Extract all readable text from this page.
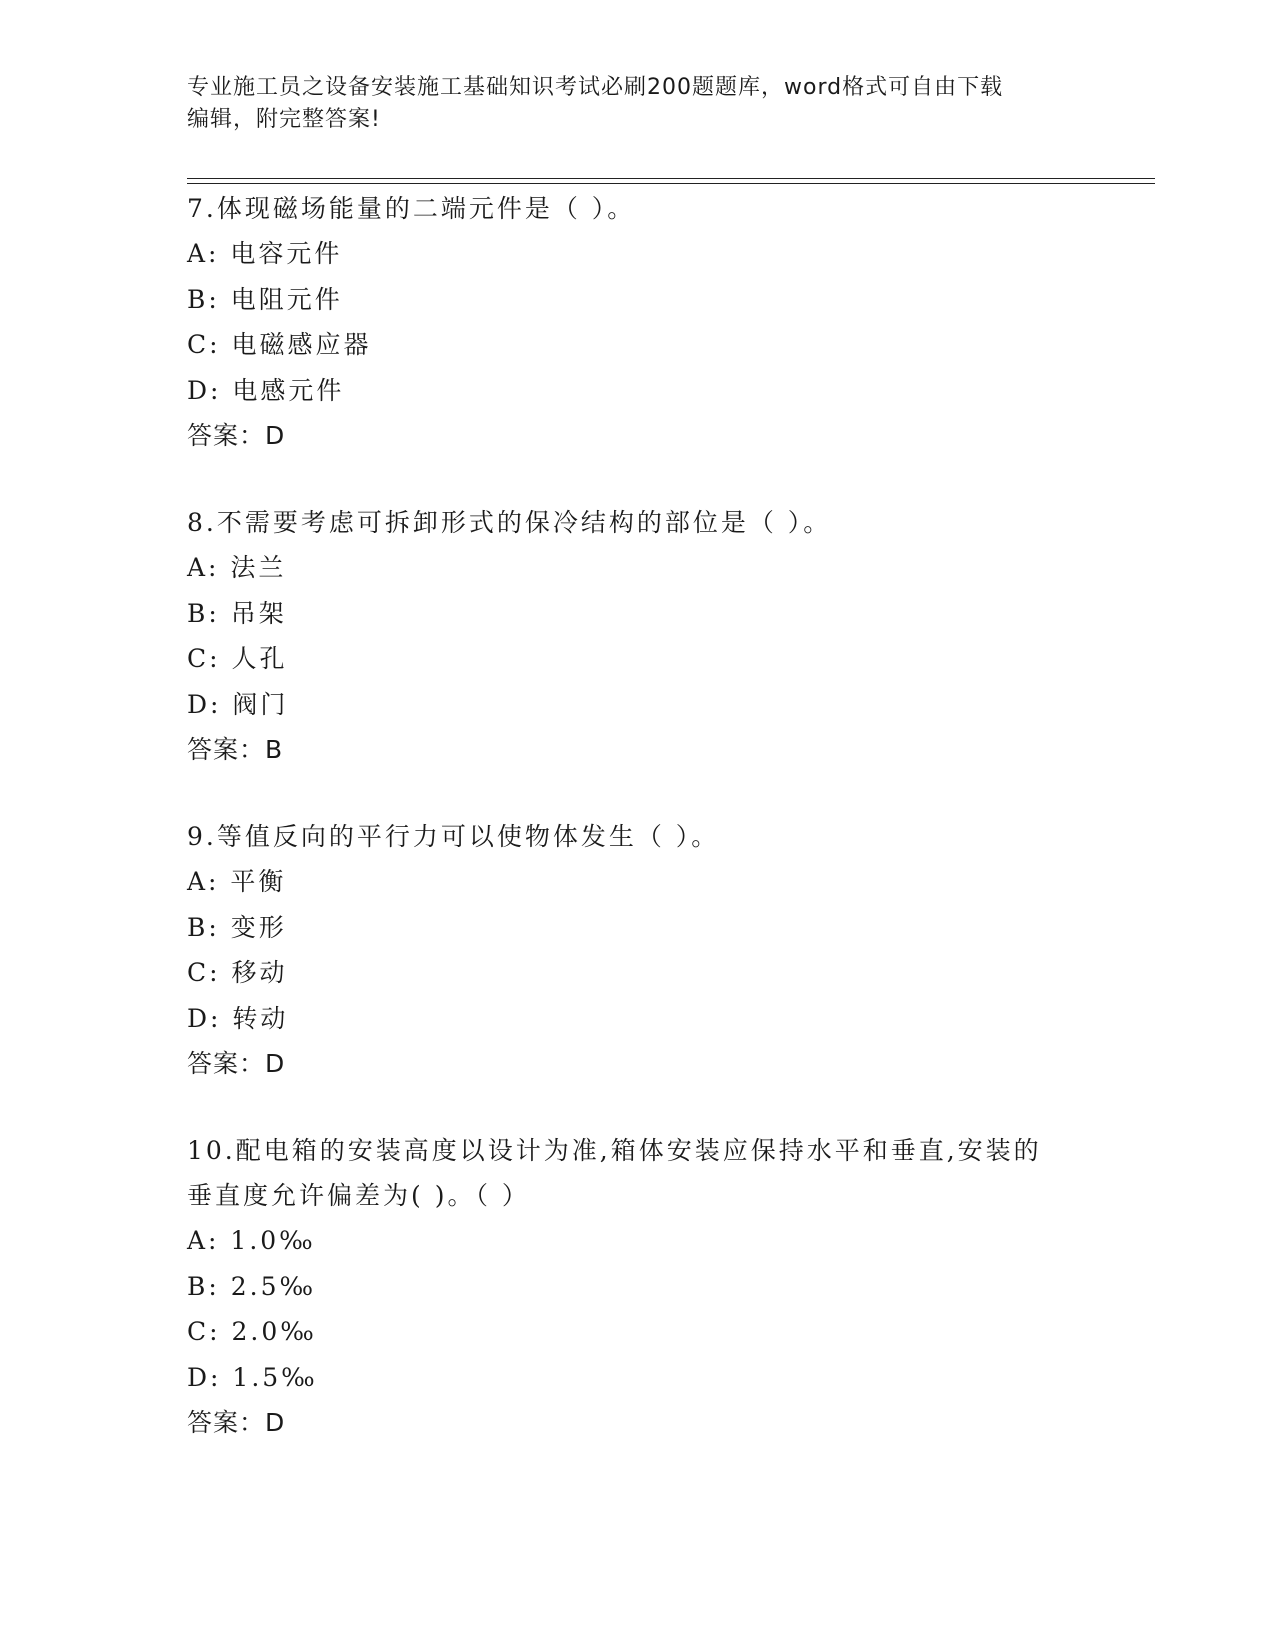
专业施工员之设备安装施工基础知识考试必刷200题题库，word格式可自由下载
编辑，附完整答案!
7.体现磁场能量的二端元件是（ ）。
A: 电容元件
B: 电阻元件
C: 电磁感应器
D: 电感元件
答案：D
8.不需要考虑可拆卸形式的保冷结构的部位是（ ）。
A: 法兰
B: 吊架
C: 人孔
D: 阀门
答案：B
9.等值反向的平行力可以使物体发生（ ）。
A: 平衡
B: 变形
C: 移动
D: 转动
答案：D
10.配电箱的安装高度以设计为准,箱体安装应保持水平和垂直,安装的
垂直度允许偏差为( )。（ ）
A: 1.0‰
B: 2.5‰
C: 2.0‰
D: 1.5‰
答案：D
